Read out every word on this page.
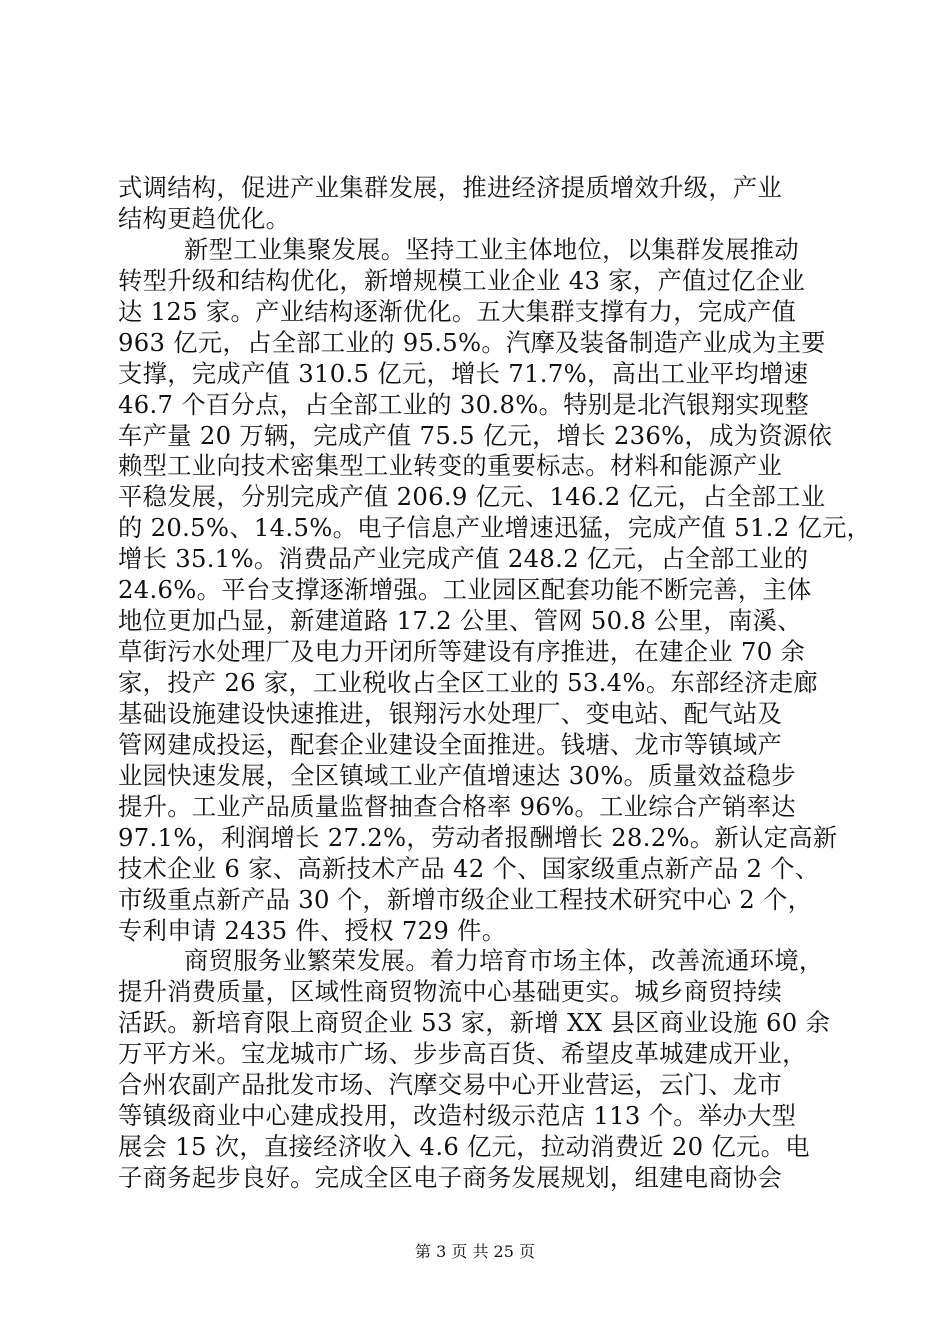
式调结构，促进产业集群发展，推进经济提质增效升级，产业
结构更趋优化。
新型工业集聚发展。坚持工业主体地位，以集群发展推动
转型升级和结构优化，新增规模工业企业 43 家，产值过亿企业
达 125 家。产业结构逐渐优化。五大集群支撑有力，完成产值
963 亿元，占全部工业的 95.5%。汽摩及装备制造产业成为主要
支撑，完成产值 310.5 亿元，增长 71.7%，高出工业平均增速
46.7 个百分点，占全部工业的 30.8%。特别是北汽银翔实现整
车产量 20 万辆，完成产值 75.5 亿元，增长 236%，成为资源依
赖型工业向技术密集型工业转变的重要标志。材料和能源产业
平稳发展，分别完成产值 206.9 亿元、146.2 亿元，占全部工业
的 20.5%、14.5%。电子信息产业增速迅猛，完成产值 51.2 亿元，
增长 35.1%。消费品产业完成产值 248.2 亿元，占全部工业的
24.6%。平台支撑逐渐增强。工业园区配套功能不断完善，主体
地位更加凸显，新建道路 17.2 公里、管网 50.8 公里，南溪、
草街污水处理厂及电力开闭所等建设有序推进，在建企业 70 余
家，投产 26 家，工业税收占全区工业的 53.4%。东部经济走廊
基础设施建设快速推进，银翔污水处理厂、变电站、配气站及
管网建成投运，配套企业建设全面推进。钱塘、龙市等镇域产
业园快速发展，全区镇域工业产值增速达 30%。质量效益稳步
提升。工业产品质量监督抽查合格率 96%。工业综合产销率达
97.1%，利润增长 27.2%，劳动者报酬增长 28.2%。新认定高新
技术企业 6 家、高新技术产品 42 个、国家级重点新产品 2 个、
市级重点新产品 30 个，新增市级企业工程技术研究中心 2 个，
专利申请 2435 件、授权 729 件。
商贸服务业繁荣发展。着力培育市场主体，改善流通环境，
提升消费质量，区域性商贸物流中心基础更实。城乡商贸持续
活跃。新培育限上商贸企业 53 家，新增 XX 县区商业设施 60 余
万平方米。宝龙城市广场、步步高百货、希望皮革城建成开业，
合州农副产品批发市场、汽摩交易中心开业营运，云门、龙市
等镇级商业中心建成投用，改造村级示范店 113 个。举办大型
展会 15 次，直接经济收入 4.6 亿元，拉动消费近 20 亿元。电
子商务起步良好。完成全区电子商务发展规划，组建电商协会
第 3 页 共 25 页
